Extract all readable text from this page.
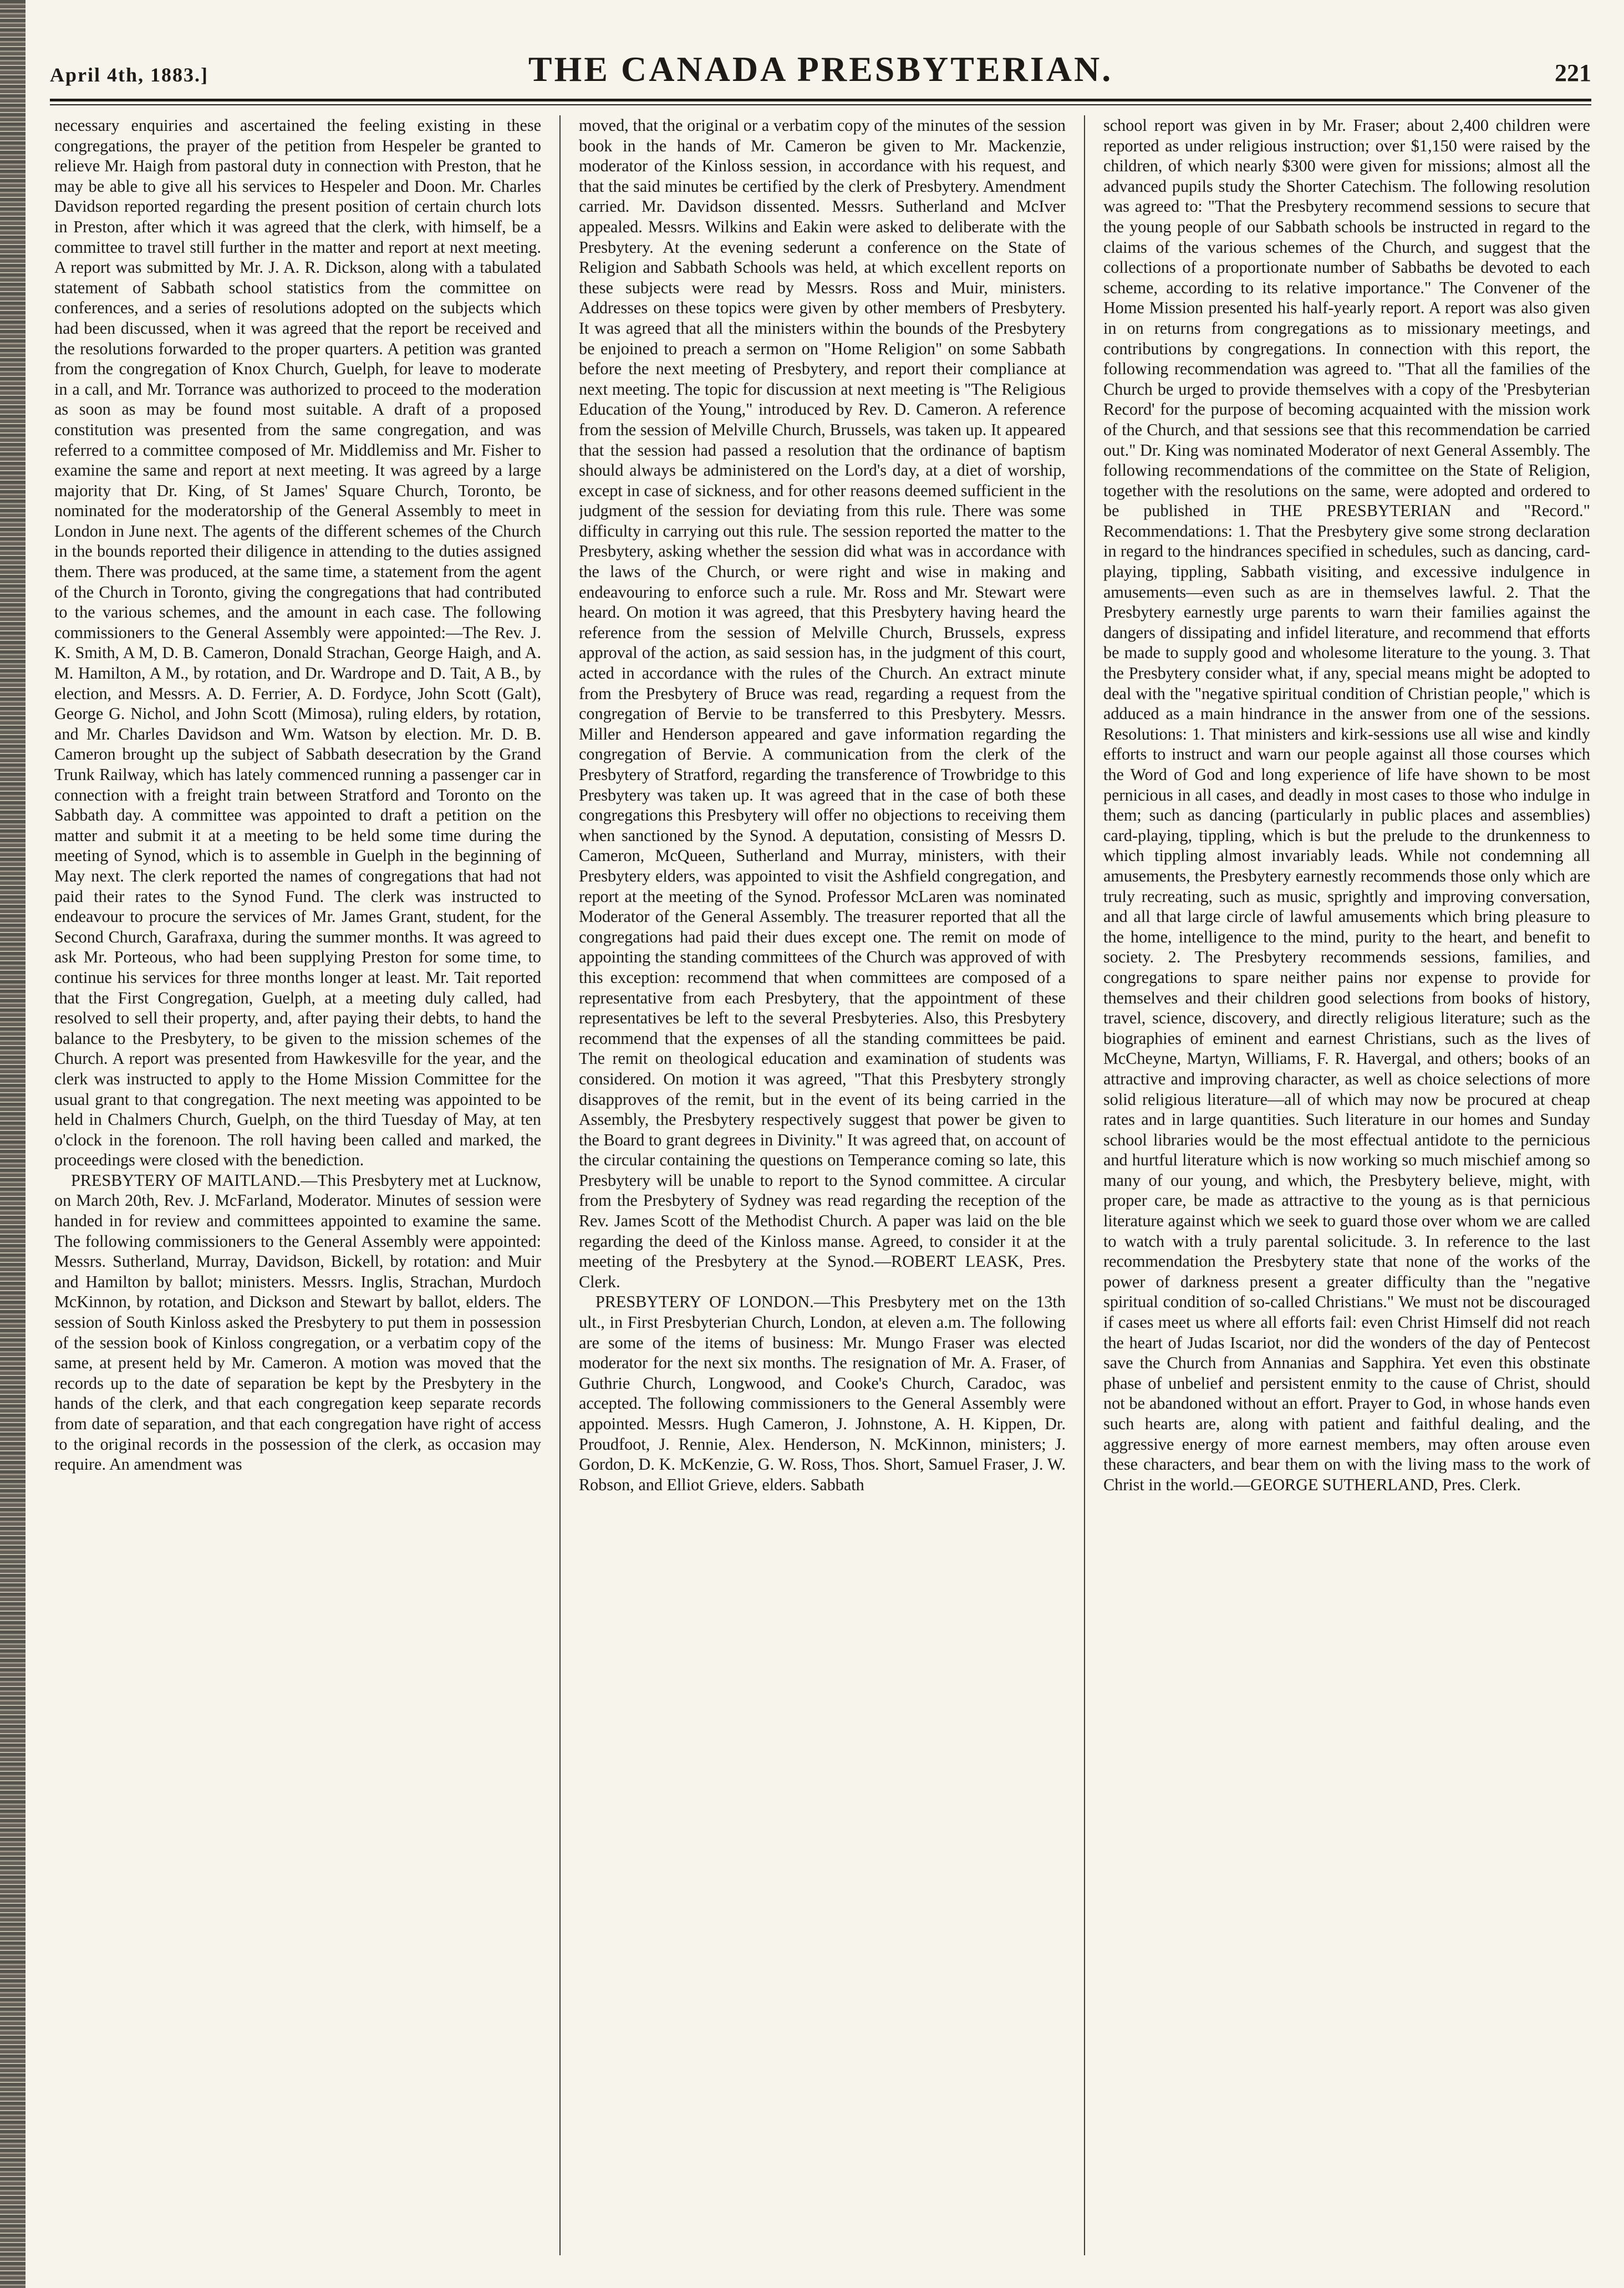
April 4th, 1883.]	THE CANADA PRESBYTERIAN.	221

necessary enquiries and ascertained the feeling existing in these congregations, the prayer of the petition from Hespeler be granted to relieve Mr. Haigh from pastoral duty in connection with Preston, that he may be able to give all his services to Hespeler and Doon. Mr. Charles Davidson reported regarding the present position of certain church lots in Preston, after which it was agreed that the clerk, with himself, be a committee to travel still further in the matter and report at next meeting. A report was submitted by Mr. J. A. R. Dickson, along with a tabulated statement of Sabbath school statistics from the committee on conferences, and a series of resolutions adopted on the subjects which had been discussed, when it was agreed that the report be received and the resolutions forwarded to the proper quarters. A petition was granted from the congregation of Knox Church, Guelph, for leave to moderate in a call, and Mr. Torrance was authorized to proceed to the moderation as soon as may be found most suitable. A draft of a proposed constitution was presented from the same congregation, and was referred to a committee composed of Mr. Middlemiss and Mr. Fisher to examine the same and report at next meeting. It was agreed by a large majority that Dr. King, of St James' Square Church, Toronto, be nominated for the moderatorship of the General Assembly to meet in London in June next. The agents of the different schemes of the Church in the bounds reported their diligence in attending to the duties assigned them. There was produced, at the same time, a statement from the agent of the Church in Toronto, giving the congregations that had contributed to the various schemes, and the amount in each case. The following commissioners to the General Assembly were appointed:—The Rev. J. K. Smith, A M, D. B. Cameron, Donald Strachan, George Haigh, and A. M. Hamilton, A M., by rotation, and Dr. Wardrope and D. Tait, A B., by election, and Messrs. A. D. Ferrier, A. D. Fordyce, John Scott (Galt), George G. Nichol, and John Scott (Mimosa), ruling elders, by rotation, and Mr. Charles Davidson and Wm. Watson by election. Mr. D. B. Cameron brought up the subject of Sabbath desecration by the Grand Trunk Railway, which has lately commenced running a passenger car in connection with a freight train between Stratford and Toronto on the Sabbath day. A committee was appointed to draft a petition on the matter and submit it at a meeting to be held some time during the meeting of Synod, which is to assemble in Guelph in the beginning of May next. The clerk reported the names of congregations that had not paid their rates to the Synod Fund. The clerk was instructed to endeavour to procure the services of Mr. James Grant, student, for the Second Church, Garafraxa, during the summer months. It was agreed to ask Mr. Porteous, who had been supplying Preston for some time, to continue his services for three months longer at least. Mr. Tait reported that the First Congregation, Guelph, at a meeting duly called, had resolved to sell their property, and, after paying their debts, to hand the balance to the Presbytery, to be given to the mission schemes of the Church. A report was presented from Hawkesville for the year, and the clerk was instructed to apply to the Home Mission Committee for the usual grant to that congregation. The next meeting was appointed to be held in Chalmers Church, Guelph, on the third Tuesday of May, at ten o'clock in the forenoon. The roll having been called and marked, the proceedings were closed with the benediction.

PRESBYTERY OF MAITLAND.—This Presbytery met at Lucknow, on March 20th, Rev. J. McFarland, Moderator. Minutes of session were handed in for review and committees appointed to examine the same. The following commissioners to the General Assembly were appointed: Messrs. Sutherland, Murray, Davidson, Bickell, by rotation: and Muir and Hamilton by ballot; ministers. Messrs. Inglis, Strachan, Murdoch McKinnon, by rotation, and Dickson and Stewart by ballot, elders. The session of South Kinloss asked the Presbytery to put them in possession of the session book of Kinloss congregation, or a verbatim copy of the same, at present held by Mr. Cameron. A motion was moved that the records up to the date of separation be kept by the Presbytery in the hands of the clerk, and that each congregation keep separate records from date of separation, and that each congregation have right of access to the original records in the possession of the clerk, as occasion may require. An amendment was

moved, that the original or a verbatim copy of the minutes of the session book in the hands of Mr. Cameron be given to Mr. Mackenzie, moderator of the Kinloss session, in accordance with his request, and that the said minutes be certified by the clerk of Presbytery. Amendment carried. Mr. Davidson dissented. Messrs. Sutherland and McIver appealed. Messrs. Wilkins and Eakin were asked to deliberate with the Presbytery. At the evening sederunt a conference on the State of Religion and Sabbath Schools was held, at which excellent reports on these subjects were read by Messrs. Ross and Muir, ministers. Addresses on these topics were given by other members of Presbytery. It was agreed that all the ministers within the bounds of the Presbytery be enjoined to preach a sermon on "Home Religion" on some Sabbath before the next meeting of Presbytery, and report their compliance at next meeting. The topic for discussion at next meeting is "The Religious Education of the Young," introduced by Rev. D. Cameron. A reference from the session of Melville Church, Brussels, was taken up. It appeared that the session had passed a resolution that the ordinance of baptism should always be administered on the Lord's day, at a diet of worship, except in case of sickness, and for other reasons deemed sufficient in the judgment of the session for deviating from this rule. There was some difficulty in carrying out this rule. The session reported the matter to the Presbytery, asking whether the session did what was in accordance with the laws of the Church, or were right and wise in making and endeavouring to enforce such a rule. Mr. Ross and Mr. Stewart were heard. On motion it was agreed, that this Presbytery having heard the reference from the session of Melville Church, Brussels, express approval of the action, as said session has, in the judgment of this court, acted in accordance with the rules of the Church. An extract minute from the Presbytery of Bruce was read, regarding a request from the congregation of Bervie to be transferred to this Presbytery. Messrs. Miller and Henderson appeared and gave information regarding the congregation of Bervie. A communication from the clerk of the Presbytery of Stratford, regarding the transference of Trowbridge to this Presbytery was taken up. It was agreed that in the case of both these congregations this Presbytery will offer no objections to receiving them when sanctioned by the Synod. A deputation, consisting of Messrs D. Cameron, McQueen, Sutherland and Murray, ministers, with their Presbytery elders, was appointed to visit the Ashfield congregation, and report at the meeting of the Synod. Professor McLaren was nominated Moderator of the General Assembly. The treasurer reported that all the congregations had paid their dues except one. The remit on mode of appointing the standing committees of the Church was approved of with this exception: recommend that when committees are composed of a representative from each Presbytery, that the appointment of these representatives be left to the several Presbyteries. Also, this Presbytery recommend that the expenses of all the standing committees be paid. The remit on theological education and examination of students was considered. On motion it was agreed, "That this Presbytery strongly disapproves of the remit, but in the event of its being carried in the Assembly, the Presbytery respectively suggest that power be given to the Board to grant degrees in Divinity." It was agreed that, on account of the circular containing the questions on Temperance coming so late, this Presbytery will be unable to report to the Synod committee. A circular from the Presbytery of Sydney was read regarding the reception of the Rev. James Scott of the Methodist Church. A paper was laid on the ble regarding the deed of the Kinloss manse. Agreed, to consider it at the meeting of the Presbytery at the Synod.—ROBERT LEASK, Pres. Clerk.

PRESBYTERY OF LONDON.—This Presbytery met on the 13th ult., in First Presbyterian Church, London, at eleven a.m. The following are some of the items of business: Mr. Mungo Fraser was elected moderator for the next six months. The resignation of Mr. A. Fraser, of Guthrie Church, Longwood, and Cooke's Church, Caradoc, was accepted. The following commissioners to the General Assembly were appointed. Messrs. Hugh Cameron, J. Johnstone, A. H. Kippen, Dr. Proudfoot, J. Rennie, Alex. Henderson, N. McKinnon, ministers; J. Gordon, D. K. McKenzie, G. W. Ross, Thos. Short, Samuel Fraser, J. W. Robson, and Elliot Grieve, elders. Sabbath

school report was given in by Mr. Fraser; about 2,400 children were reported as under religious instruction; over $1,150 were raised by the children, of which nearly $300 were given for missions; almost all the advanced pupils study the Shorter Catechism. The following resolution was agreed to: "That the Presbytery recommend sessions to secure that the young people of our Sabbath schools be instructed in regard to the claims of the various schemes of the Church, and suggest that the collections of a proportionate number of Sabbaths be devoted to each scheme, according to its relative importance." The Convener of the Home Mission presented his half-yearly report. A report was also given in on returns from congregations as to missionary meetings, and contributions by congregations. In connection with this report, the following recommendation was agreed to. "That all the families of the Church be urged to provide themselves with a copy of the 'Presbyterian Record' for the purpose of becoming acquainted with the mission work of the Church, and that sessions see that this recommendation be carried out." Dr. King was nominated Moderator of next General Assembly. The following recommendations of the committee on the State of Religion, together with the resolutions on the same, were adopted and ordered to be published in THE PRESBYTERIAN and "Record." Recommendations: 1. That the Presbytery give some strong declaration in regard to the hindrances specified in schedules, such as dancing, card-playing, tippling, Sabbath visiting, and excessive indulgence in amusements—even such as are in themselves lawful. 2. That the Presbytery earnestly urge parents to warn their families against the dangers of dissipating and infidel literature, and recommend that efforts be made to supply good and wholesome literature to the young. 3. That the Presbytery consider what, if any, special means might be adopted to deal with the "negative spiritual condition of Christian people," which is adduced as a main hindrance in the answer from one of the sessions. Resolutions: 1. That ministers and kirk-sessions use all wise and kindly efforts to instruct and warn our people against all those courses which the Word of God and long experience of life have shown to be most pernicious in all cases, and deadly in most cases to those who indulge in them; such as dancing (particularly in public places and assemblies) card-playing, tippling, which is but the prelude to the drunkenness to which tippling almost invariably leads. While not condemning all amusements, the Presbytery earnestly recommends those only which are truly recreating, such as music, sprightly and improving conversation, and all that large circle of lawful amusements which bring pleasure to the home, intelligence to the mind, purity to the heart, and benefit to society. 2. The Presbytery recommends sessions, families, and congregations to spare neither pains nor expense to provide for themselves and their children good selections from books of history, travel, science, discovery, and directly religious literature; such as the biographies of eminent and earnest Christians, such as the lives of McCheyne, Martyn, Williams, F. R. Havergal, and others; books of an attractive and improving character, as well as choice selections of more solid religious literature—all of which may now be procured at cheap rates and in large quantities. Such literature in our homes and Sunday school libraries would be the most effectual antidote to the pernicious and hurtful literature which is now working so much mischief among so many of our young, and which, the Presbytery believe, might, with proper care, be made as attractive to the young as is that pernicious literature against which we seek to guard those over whom we are called to watch with a truly parental solicitude. 3. In reference to the last recommendation the Presbytery state that none of the works of the power of darkness present a greater difficulty than the "negative spiritual condition of so-called Christians." We must not be discouraged if cases meet us where all efforts fail: even Christ Himself did not reach the heart of Judas Iscariot, nor did the wonders of the day of Pentecost save the Church from Annanias and Sapphira. Yet even this obstinate phase of unbelief and persistent enmity to the cause of Christ, should not be abandoned without an effort. Prayer to God, in whose hands even such hearts are, along with patient and faithful dealing, and the aggressive energy of more earnest members, may often arouse even these characters, and bear them on with the living mass to the work of Christ in the world.—GEORGE SUTHERLAND, Pres. Clerk.
